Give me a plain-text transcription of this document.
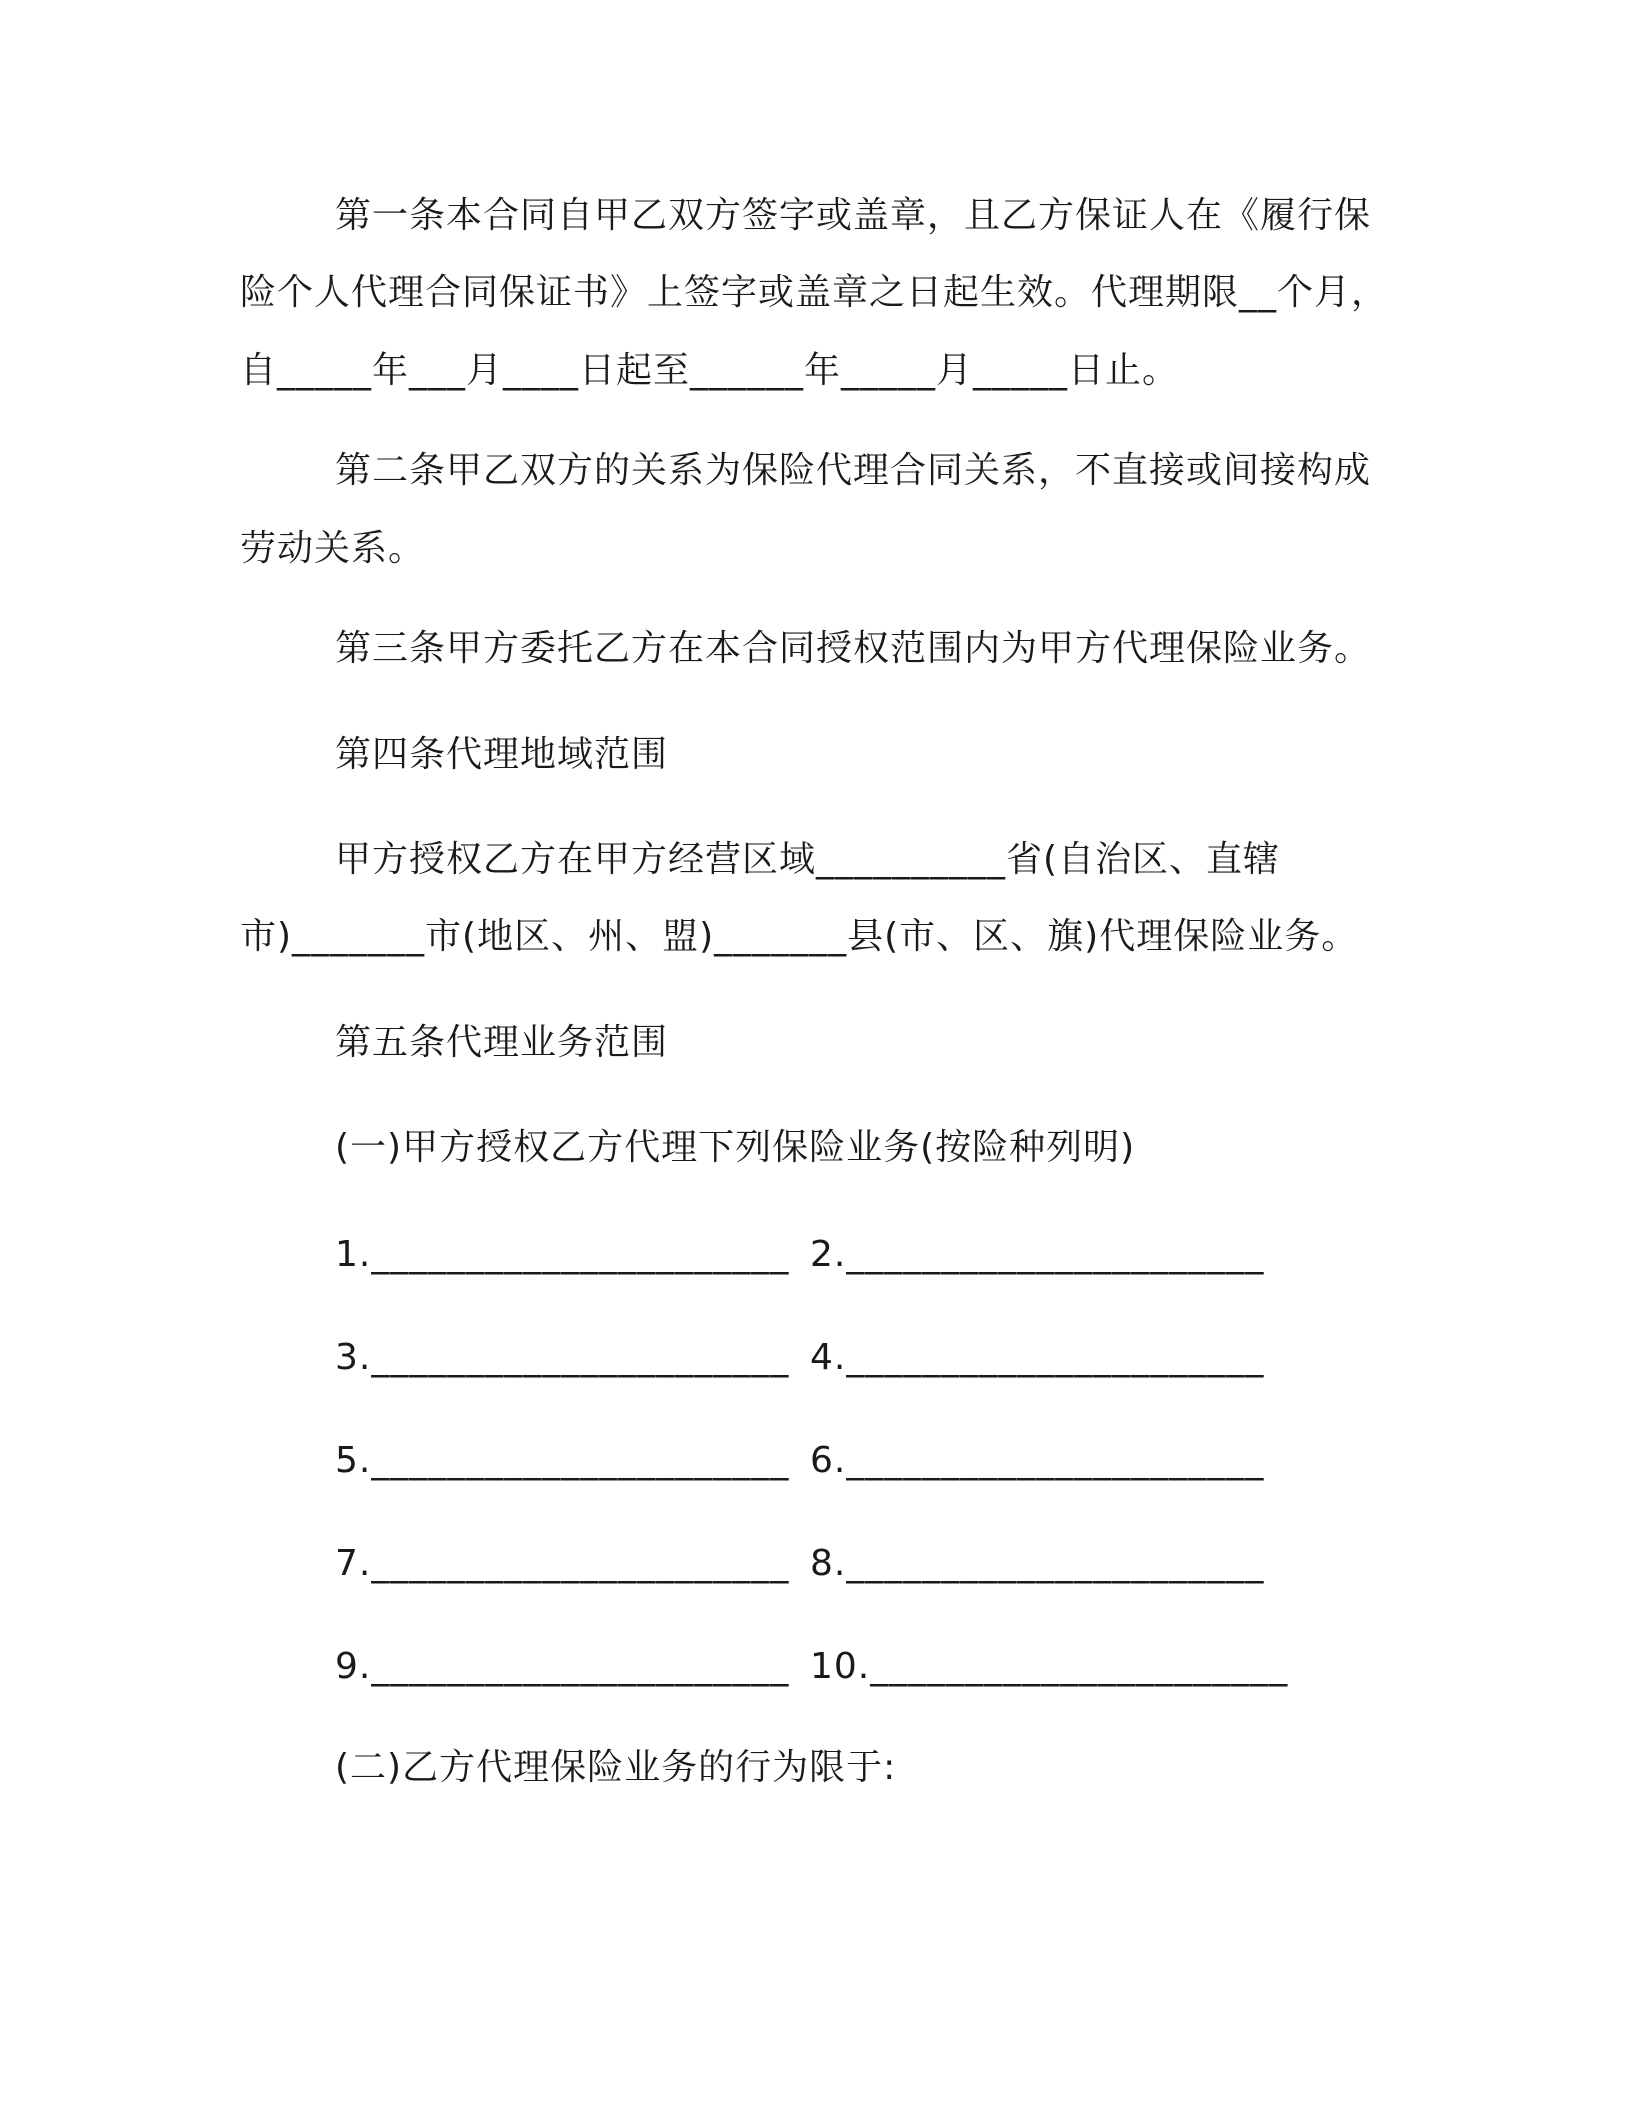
第一条本合同自甲乙双方签字或盖章，且乙方保证人在《履行保
险个人代理合同保证书》上签字或盖章之日起生效。代理期限__个月，
自_____年___月____日起至______年_____月_____日止。
第二条甲乙双方的关系为保险代理合同关系，不直接或间接构成
劳动关系。
第三条甲方委托乙方在本合同授权范围内为甲方代理保险业务。
第四条代理地域范围
甲方授权乙方在甲方经营区域__________省(自治区、直辖
市)_______市(地区、州、盟)_______县(市、区、旗)代理保险业务。
第五条代理业务范围
(一)甲方授权乙方代理下列保险业务(按险种列明)
1.______________________ 2.______________________
3.______________________ 4.______________________
5.______________________ 6.______________________
7.______________________ 8.______________________
9.______________________ 10.______________________
(二)乙方代理保险业务的行为限于:
